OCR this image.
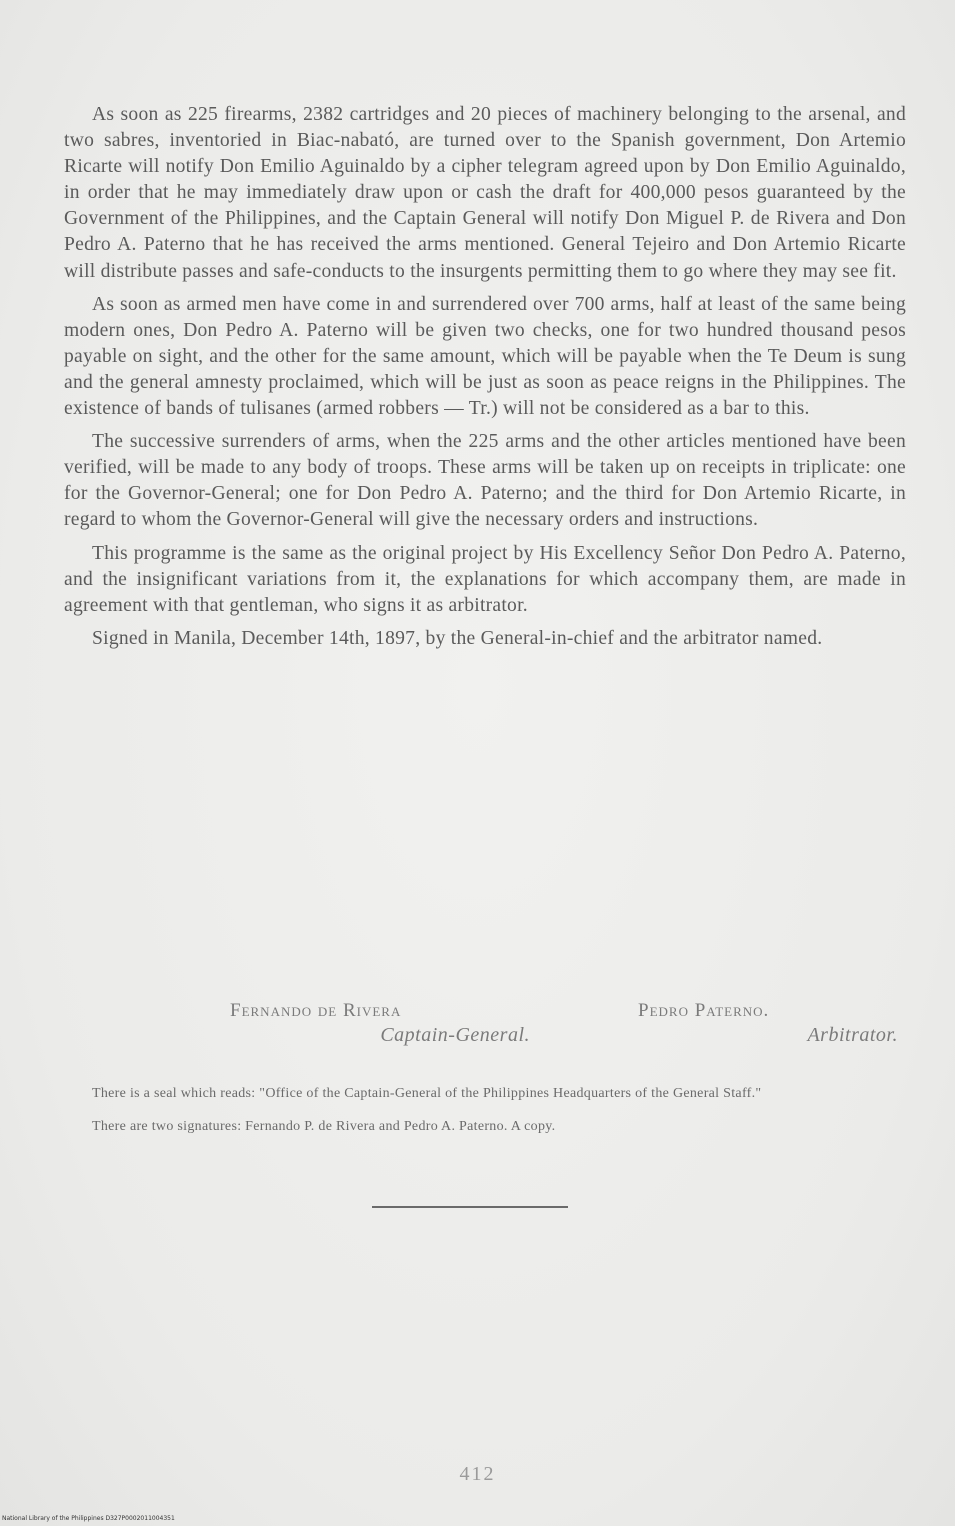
As soon as 225 firearms, 2382 cartridges and 20 pieces of machinery belonging to the arsenal, and two sabres, inventoried in Biac-nabató, are turned over to the Spanish government, Don Artemio Ricarte will notify Don Emilio Aguinaldo by a cipher telegram agreed upon by Don Emilio Aguinaldo, in order that he may immediately draw upon or cash the draft for 400,000 pesos guaranteed by the Government of the Philippines, and the Captain General will notify Don Miguel P. de Rivera and Don Pedro A. Paterno that he has received the arms mentioned. General Tejeiro and Don Artemio Ricarte will distribute passes and safe-conducts to the insurgents permitting them to go where they may see fit.

As soon as armed men have come in and surrendered over 700 arms, half at least of the same being modern ones, Don Pedro A. Paterno will be given two checks, one for two hundred thousand pesos payable on sight, and the other for the same amount, which will be payable when the Te Deum is sung and the general amnesty proclaimed, which will be just as soon as peace reigns in the Philippines. The existence of bands of tulisanes (armed robbers — Tr.) will not be considered as a bar to this.

The successive surrenders of arms, when the 225 arms and the other articles mentioned have been verified, will be made to any body of troops. These arms will be taken up on receipts in triplicate: one for the Governor-General; one for Don Pedro A. Paterno; and the third for Don Artemio Ricarte, in regard to whom the Governor-General will give the necessary orders and instructions.

This programme is the same as the original project by His Excellency Señor Don Pedro A. Paterno, and the insignificant variations from it, the explanations for which accompany them, are made in agreement with that gentleman, who signs it as arbitrator.

Signed in Manila, December 14th, 1897, by the General-in-chief and the arbitrator named.

Fernando de Rivera
Captain-General.
Pedro Paterno.
Arbitrator.

There is a seal which reads: "Office of the Captain-General of the Philippines Headquarters of the General Staff."

There are two signatures: Fernando P. de Rivera and Pedro A. Paterno. A copy.

412
National Library of the Philippines D327P0002011004351
